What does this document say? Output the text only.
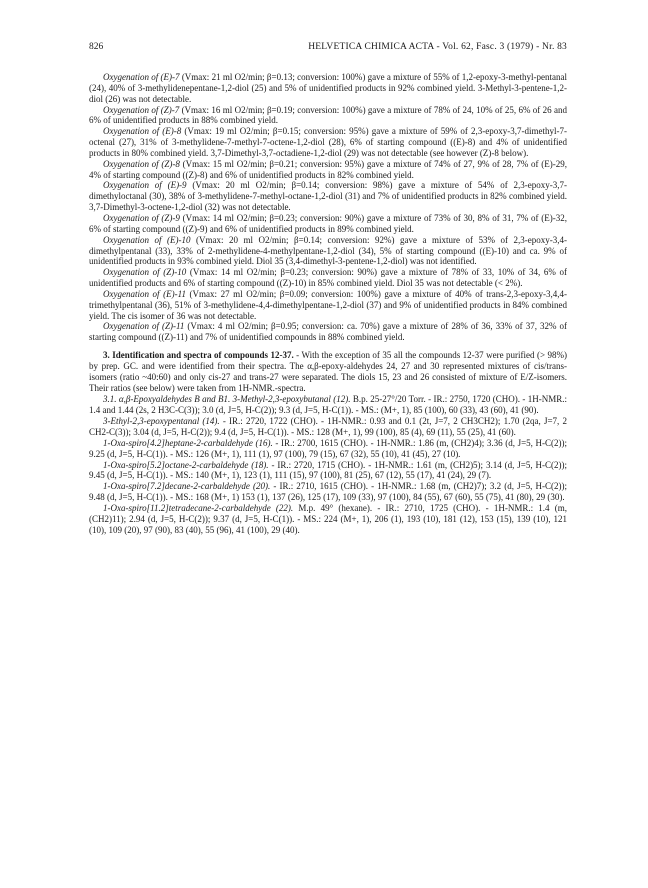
826	HELVETICA CHIMICA ACTA - Vol. 62, Fasc. 3 (1979) - Nr. 83

Oxygenation of (E)-7 (Vmax: 21 ml O2/min; β=0.13; conversion: 100%) gave a mixture of 55% of 1,2-epoxy-3-methyl-pentanal (24), 40% of 3-methylidenepentane-1,2-diol (25) and 5% of unidentified products in 92% combined yield. 3-Methyl-3-pentene-1,2-diol (26) was not detectable.

Oxygenation of (Z)-7 (Vmax: 16 ml O2/min; β=0.19; conversion: 100%) gave a mixture of 78% of 24, 10% of 25, 6% of 26 and 6% of unidentified products in 88% combined yield.

Oxygenation of (E)-8 (Vmax: 19 ml O2/min; β=0.15; conversion: 95%) gave a mixture of 59% of 2,3-epoxy-3,7-dimethyl-7-octenal (27), 31% of 3-methylidene-7-methyl-7-octene-1,2-diol (28), 6% of starting compound ((E)-8) and 4% of unidentified products in 80% combined yield. 3,7-Dimethyl-3,7-octadiene-1,2-diol (29) was not detectable (see however (Z)-8 below).

Oxygenation of (Z)-8 (Vmax: 15 ml O2/min; β=0.21; conversion: 95%) gave a mixture of 74% of 27, 9% of 28, 7% of (E)-29, 4% of starting compound ((Z)-8) and 6% of unidentified products in 82% combined yield.

Oxygenation of (E)-9 (Vmax: 20 ml O2/min; β=0.14; conversion: 98%) gave a mixture of 54% of 2,3-epoxy-3,7-dimethyloctanal (30), 38% of 3-methylidene-7-methyl-octane-1,2-diol (31) and 7% of unidentified products in 82% combined yield. 3,7-Dimethyl-3-octene-1,2-diol (32) was not detectable.

Oxygenation of (Z)-9 (Vmax: 14 ml O2/min; β=0.23; conversion: 90%) gave a mixture of 73% of 30, 8% of 31, 7% of (E)-32, 6% of starting compound ((Z)-9) and 6% of unidentified products in 89% combined yield.

Oxygenation of (E)-10 (Vmax: 20 ml O2/min; β=0.14; conversion: 92%) gave a mixture of 53% of 2,3-epoxy-3,4-dimethylpentanal (33), 33% of 2-methylidene-4-methylpentane-1,2-diol (34), 5% of starting compound ((E)-10) and ca. 9% of unidentified products in 93% combined yield. Diol 35 (3,4-dimethyl-3-pentene-1,2-diol) was not identified.

Oxygenation of (Z)-10 (Vmax: 14 ml O2/min; β=0.23; conversion: 90%) gave a mixture of 78% of 33, 10% of 34, 6% of unidentified products and 6% of starting compound ((Z)-10) in 85% combined yield. Diol 35 was not detectable (< 2%).

Oxygenation of (E)-11 (Vmax: 27 ml O2/min; β=0.09; conversion: 100%) gave a mixture of 40% of trans-2,3-epoxy-3,4,4-trimethylpentanal (36), 51% of 3-methylidene-4,4-dimethylpentane-1,2-diol (37) and 9% of unidentified products in 84% combined yield. The cis isomer of 36 was not detectable.

Oxygenation of (Z)-11 (Vmax: 4 ml O2/min; β=0.95; conversion: ca. 70%) gave a mixture of 28% of 36, 33% of 37, 32% of starting compound ((Z)-11) and 7% of unidentified compounds in 88% combined yield.

3. Identification and spectra of compounds 12-37. - With the exception of 35 all the compounds 12-37 were purified (> 98%) by prep. GC. and were identified from their spectra. The α,β-epoxy-aldehydes 24, 27 and 30 represented mixtures of cis/trans-isomers (ratio ~40:60) and only cis-27 and trans-27 were separated. The diols 15, 23 and 26 consisted of mixture of E/Z-isomers. Their ratios (see below) were taken from 1H-NMR.-spectra.

3.1. α,β-Epoxyaldehydes B and B1. 3-Methyl-2,3-epoxybutanal (12). B.p. 25-27°/20 Torr. - IR.: 2750, 1720 (CHO). - 1H-NMR.: 1.4 and 1.44 (2s, 2 H3C-C(3)); 3.0 (d, J=5, H-C(2)); 9.3 (d, J=5, H-C(1)). - MS.: (M+, 1), 85 (100), 60 (33), 43 (60), 41 (90).

3-Ethyl-2,3-epoxypentanal (14). - IR.: 2720, 1722 (CHO). - 1H-NMR.: 0.93 and 0.1 (2t, J=7, 2 CH3CH2); 1.70 (2qa, J=7, 2 CH2-C(3)); 3.04 (d, J=5, H-C(2)); 9.4 (d, J=5, H-C(1)). - MS.: 128 (M+, 1), 99 (100), 85 (4), 69 (11), 55 (25), 41 (60).

1-Oxa-spiro[4.2]heptane-2-carbaldehyde (16). - IR.: 2700, 1615 (CHO). - 1H-NMR.: 1.86 (m, (CH2)4); 3.36 (d, J=5, H-C(2)); 9.25 (d, J=5, H-C(1)). - MS.: 126 (M+, 1), 111 (1), 97 (100), 79 (15), 67 (32), 55 (10), 41 (45), 27 (10).

1-Oxa-spiro[5.2]octane-2-carbaldehyde (18). - IR.: 2720, 1715 (CHO). - 1H-NMR.: 1.61 (m, (CH2)5); 3.14 (d, J=5, H-C(2)); 9.45 (d, J=5, H-C(1)). - MS.: 140 (M+, 1), 123 (1), 111 (15), 97 (100), 81 (25), 67 (12), 55 (17), 41 (24), 29 (7).

1-Oxa-spiro[7.2]decane-2-carbaldehyde (20). - IR.: 2710, 1615 (CHO). - 1H-NMR.: 1.68 (m, (CH2)7); 3.2 (d, J=5, H-C(2)); 9.48 (d, J=5, H-C(1)). - MS.: 168 (M+, 1) 153 (1), 137 (26), 125 (17), 109 (33), 97 (100), 84 (55), 67 (60), 55 (75), 41 (80), 29 (30).

1-Oxa-spiro[11.2]tetradecane-2-carbaldehyde (22). M.p. 49° (hexane). - IR.: 2710, 1725 (CHO). - 1H-NMR.: 1.4 (m, (CH2)11); 2.94 (d, J=5, H-C(2)); 9.37 (d, J=5, H-C(1)). - MS.: 224 (M+, 1), 206 (1), 193 (10), 181 (12), 153 (15), 139 (10), 121 (10), 109 (20), 97 (90), 83 (40), 55 (96), 41 (100), 29 (40).
